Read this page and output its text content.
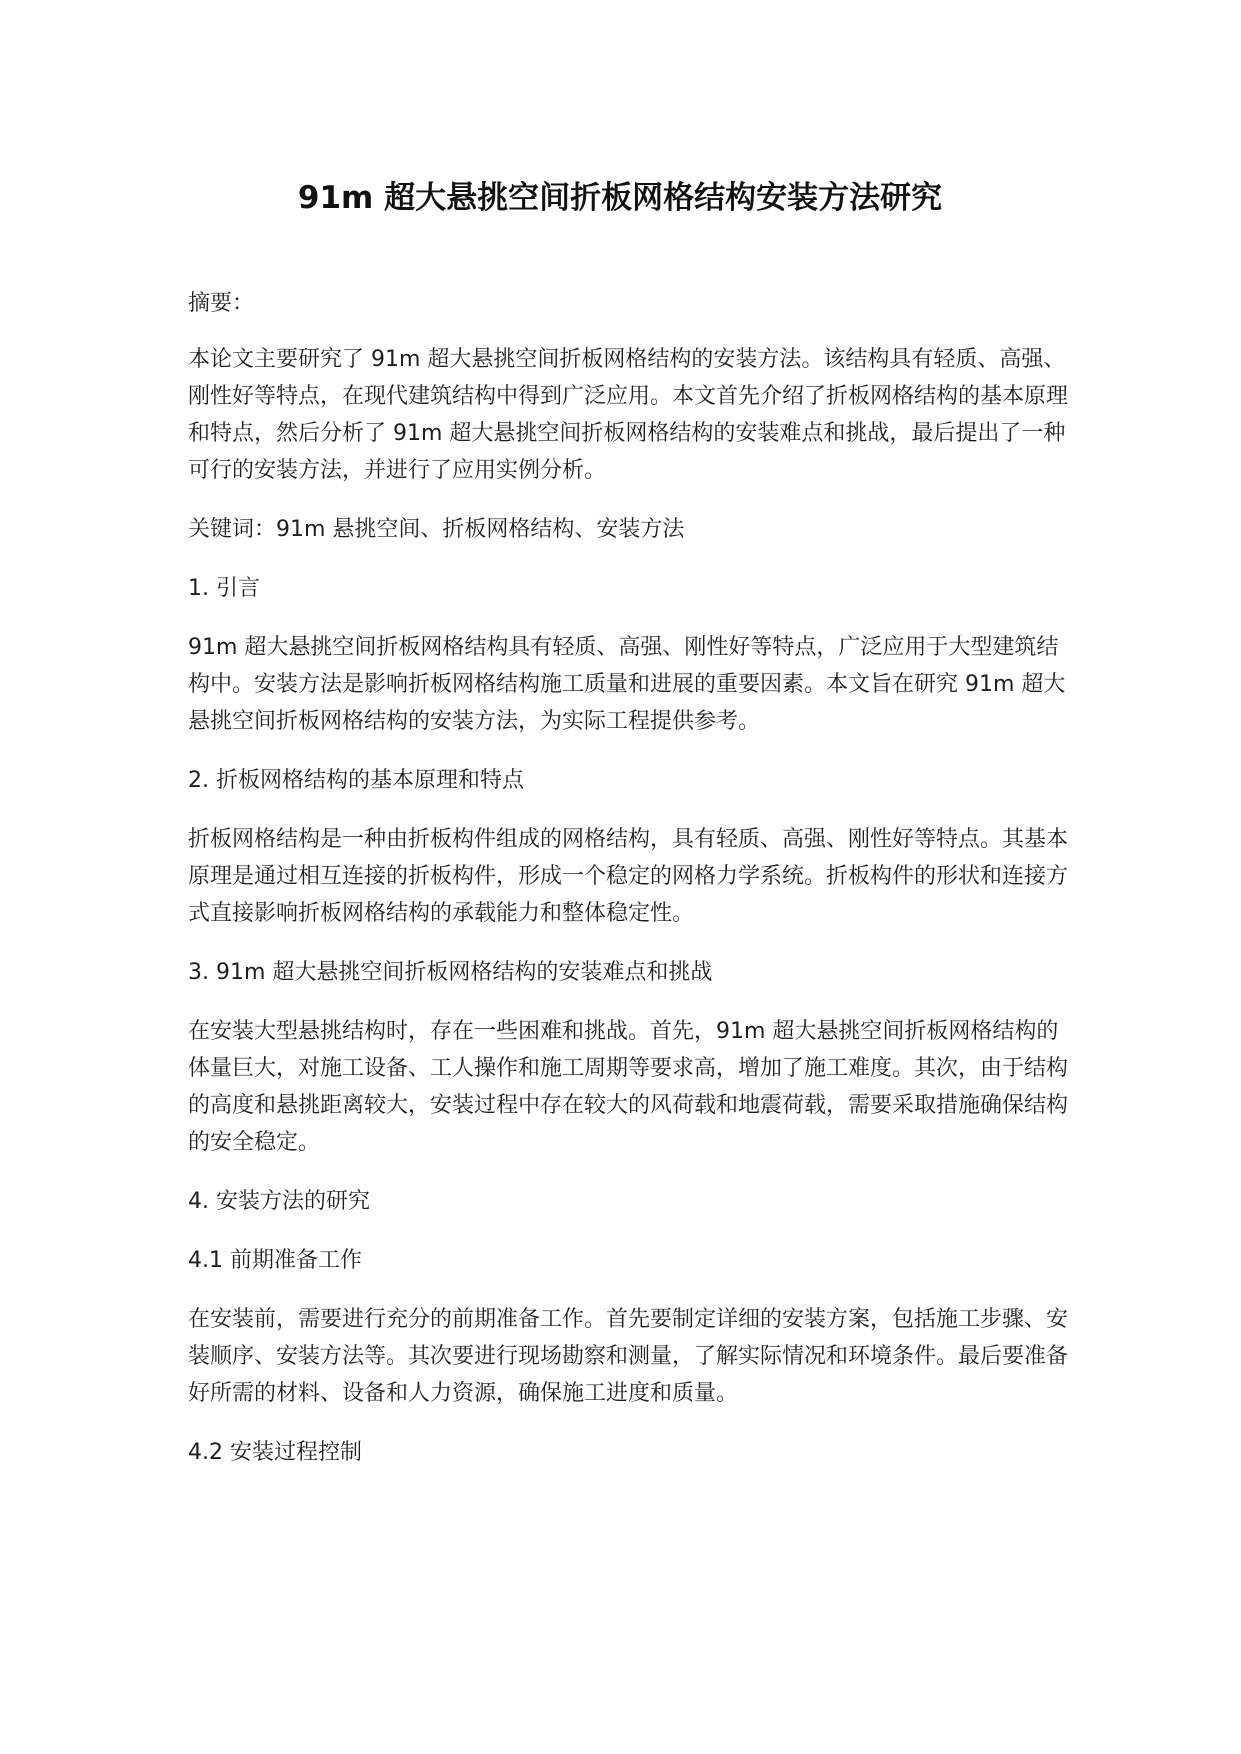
91m 超大悬挑空间折板网格结构安装方法研究
摘要：
本论文主要研究了 91m 超大悬挑空间折板网格结构的安装方法。该结构具有轻质、高强、刚性好等特点，在现代建筑结构中得到广泛应用。本文首先介绍了折板网格结构的基本原理和特点，然后分析了 91m 超大悬挑空间折板网格结构的安装难点和挑战，最后提出了一种可行的安装方法，并进行了应用实例分析。
关键词：91m 悬挑空间、折板网格结构、安装方法
1. 引言
91m 超大悬挑空间折板网格结构具有轻质、高强、刚性好等特点，广泛应用于大型建筑结构中。安装方法是影响折板网格结构施工质量和进展的重要因素。本文旨在研究 91m 超大悬挑空间折板网格结构的安装方法，为实际工程提供参考。
2. 折板网格结构的基本原理和特点
折板网格结构是一种由折板构件组成的网格结构，具有轻质、高强、刚性好等特点。其基本原理是通过相互连接的折板构件，形成一个稳定的网格力学系统。折板构件的形状和连接方式直接影响折板网格结构的承载能力和整体稳定性。
3. 91m 超大悬挑空间折板网格结构的安装难点和挑战
在安装大型悬挑结构时，存在一些困难和挑战。首先，91m 超大悬挑空间折板网格结构的体量巨大，对施工设备、工人操作和施工周期等要求高，增加了施工难度。其次，由于结构的高度和悬挑距离较大，安装过程中存在较大的风荷载和地震荷载，需要采取措施确保结构的安全稳定。
4. 安装方法的研究
4.1 前期准备工作
在安装前，需要进行充分的前期准备工作。首先要制定详细的安装方案，包括施工步骤、安装顺序、安装方法等。其次要进行现场勘察和测量，了解实际情况和环境条件。最后要准备好所需的材料、设备和人力资源，确保施工进度和质量。
4.2 安装过程控制
